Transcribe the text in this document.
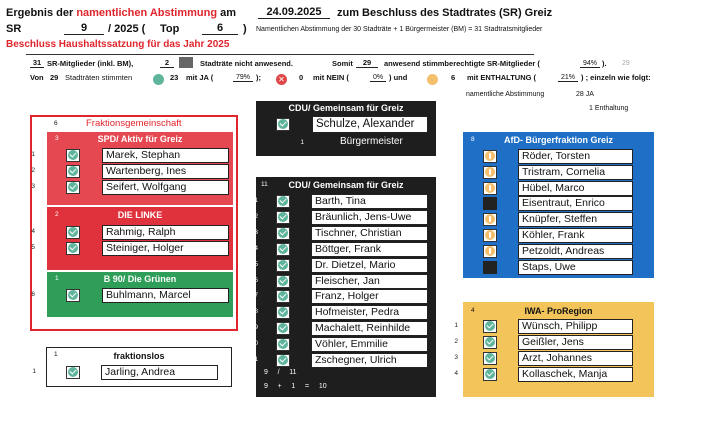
Ergebnis der namentlichen Abstimmung am	24.09.2025	zum Beschluss des Stadtrates (SR) Greiz
SR	9	/ 2025 ( Top	6	) Namentlichen Abstimmung der 30 Stadträte + 1 Bürgermeister (BM) = 31 Stadtratsmitglieder
Beschluss Haushaltssatzung für das Jahr 2025
31 SR-Mitglieder (inkl. BM),	2	Stadträte nicht anwesend.	Somit	29	anwesend stimmberechtigte SR-Mitglieder (	94% ). 29
Von 29 Stadträten stimmten	23 mit JA (	79% ); ✕ 0 mit NEIN (	0% ) und	6 mit ENTHALTUNG (	21% ) ; einzeln wie folgt:
namentliche Abstimmung	28 JA
1 Enthaltung
6	Fraktionsgemeinschaft
3	SPD/ Aktiv für Greiz
1	Marek, Stephan
2	Wartenberg, Ines
3	Seifert, Wolfgang
2	DIE LINKE
4	Rahmig, Ralph
5	Steiniger, Holger
1	B 90/ Die Grünen
6	Buhlmann, Marcel
1	fraktionslos
1	Jarling, Andrea
CDU/ Gemeinsam für Greiz
Schulze, Alexander
1	Bürgermeister
11	CDU/ Gemeinsam für Greiz
1	Barth, Tina
2	Bräunlich, Jens-Uwe
3	Tischner, Christian
4	Böttger, Frank
5	Dr. Dietzel, Mario
6	Fleischer, Jan
7	Franz, Holger
8	Hofmeister, Pedra
9	Machalett, Reinhilde
10	Vöhler, Emmilie
11	Zschegner, Ulrich
9     /     11
9     +     1     =     10
8	AfD- Bürgerfraktion Greiz
1	Röder, Torsten
2	Tristram, Cornelia
3	Hübel, Marco
4	Eisentraut, Enrico
5	Knüpfer, Steffen
6	Köhler, Frank
7	Petzoldt, Andreas
8	Staps, Uwe
4	IWA- ProRegion
1	Wünsch, Philipp
2	Geißler, Jens
3	Arzt, Johannes
4	Kollaschek, Manja
